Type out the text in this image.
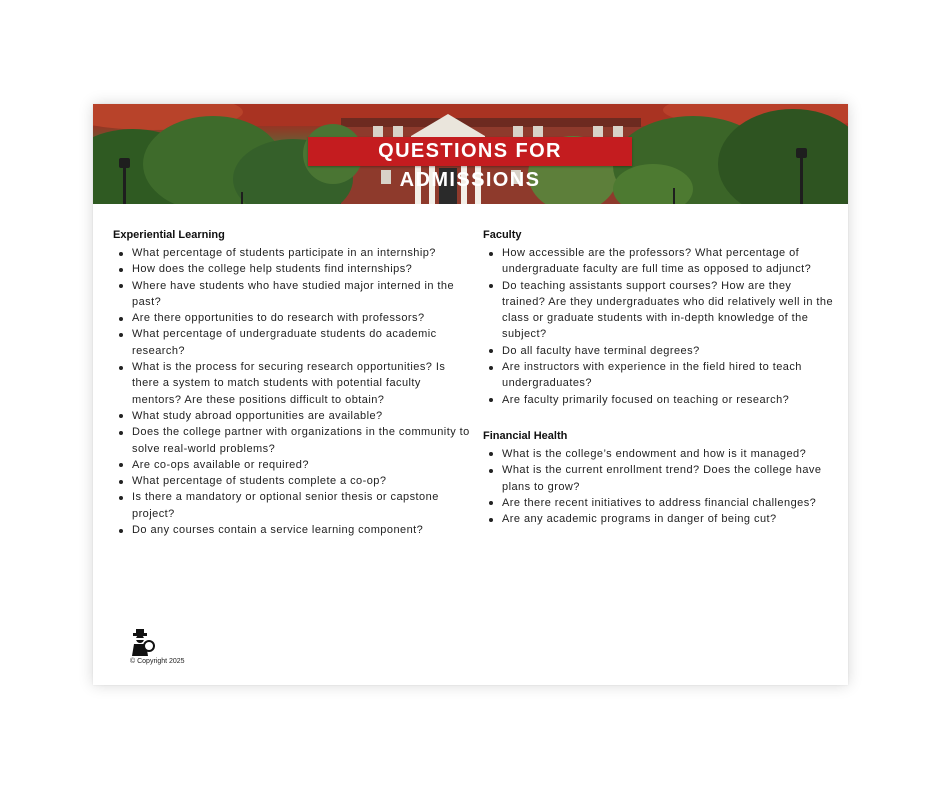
QUESTIONS FOR ADMISSIONS
Experiential Learning
What percentage of students participate in an internship?
How does the college help students find internships?
Where have students who have studied major interned in the past?
Are there opportunities to do research with professors?
What percentage of undergraduate students do academic research?
What is the process for securing research opportunities? Is there a system to match students with potential faculty mentors? Are these positions difficult to obtain?
What study abroad opportunities are available?
Does the college partner with organizations in the community to solve real-world problems?
Are co-ops available or required?
What percentage of students complete a co-op?
Is there a mandatory or optional senior thesis or capstone project?
Do any courses contain a service learning component?
Faculty
How accessible are the professors? What percentage of undergraduate faculty are full time as opposed to adjunct?
Do teaching assistants support courses? How are they trained? Are they undergraduates who did relatively well in the class or graduate students with in-depth knowledge of the subject?
Do all faculty have terminal degrees?
Are instructors with experience in the field hired to teach undergraduates?
Are faculty primarily focused on teaching or research?
Financial Health
What is the college’s endowment and how is it managed?
What is the current enrollment trend? Does the college have plans to grow?
Are there recent initiatives to address financial challenges?
Are any academic programs in danger of being cut?
© Copyright 2025
